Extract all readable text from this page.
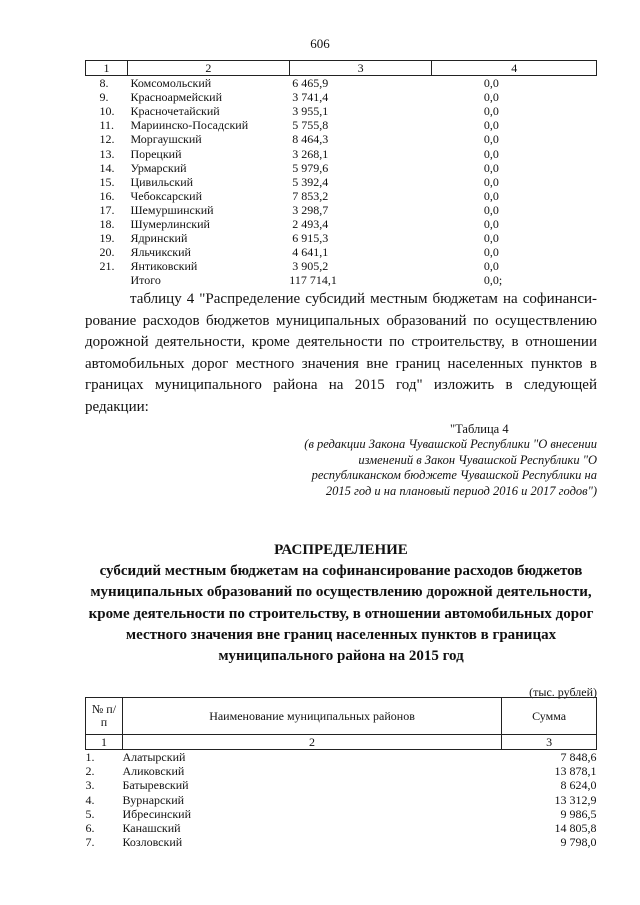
606
1	2	3	4
8.	Комсомольский	6 465,9	0,0
9.	Красноармейский	3 741,4	0,0
10.	Красночетайский	3 955,1	0,0
11.	Мариинско-Посадский	5 755,8	0,0
12.	Моргаушский	8 464,3	0,0
13.	Порецкий	3 268,1	0,0
14.	Урмарский	5 979,6	0,0
15.	Цивильский	5 392,4	0,0
16.	Чебоксарский	7 853,2	0,0
17.	Шемуршинский	3 298,7	0,0
18.	Шумерлинский	2 493,4	0,0
19.	Ядринский	6 915,3	0,0
20.	Яльчикский	4 641,1	0,0
21.	Янтиковский	3 905,2	0,0
	Итого	117 714,1	0,0;
таблицу 4 "Распределение субсидий местным бюджетам на софинанси-
рование расходов бюджетов муниципальных образований по осуществлению дорожной деятельности, кроме деятельности по строительству, в отношении автомобильных дорог местного значения вне границ населенных пунктов в границах муниципального района на 2015 год" изложить в следующей редакции:
"Таблица 4
(в редакции Закона Чувашской Республики "О внесении изменений в Закон Чувашской Республики "О республиканском бюджете Чувашской Республики на 2015 год и на плановый период 2016 и 2017 годов")
РАСПРЕДЕЛЕНИЕ
субсидий местным бюджетам на софинансирование расходов бюджетов муниципальных образований по осуществлению дорожной деятельности, кроме деятельности по строительству, в отношении автомобильных дорог местного значения вне границ населенных пунктов в границах муниципального района на 2015 год
(тыс. рублей)
№ п/п	Наименование муниципальных районов	Сумма
1	2	3
1.	Алатырский	7 848,6
2.	Аликовский	13 878,1
3.	Батыревский	8 624,0
4.	Вурнарский	13 312,9
5.	Ибресинский	9 986,5
6.	Канашский	14 805,8
7.	Козловский	9 798,0
